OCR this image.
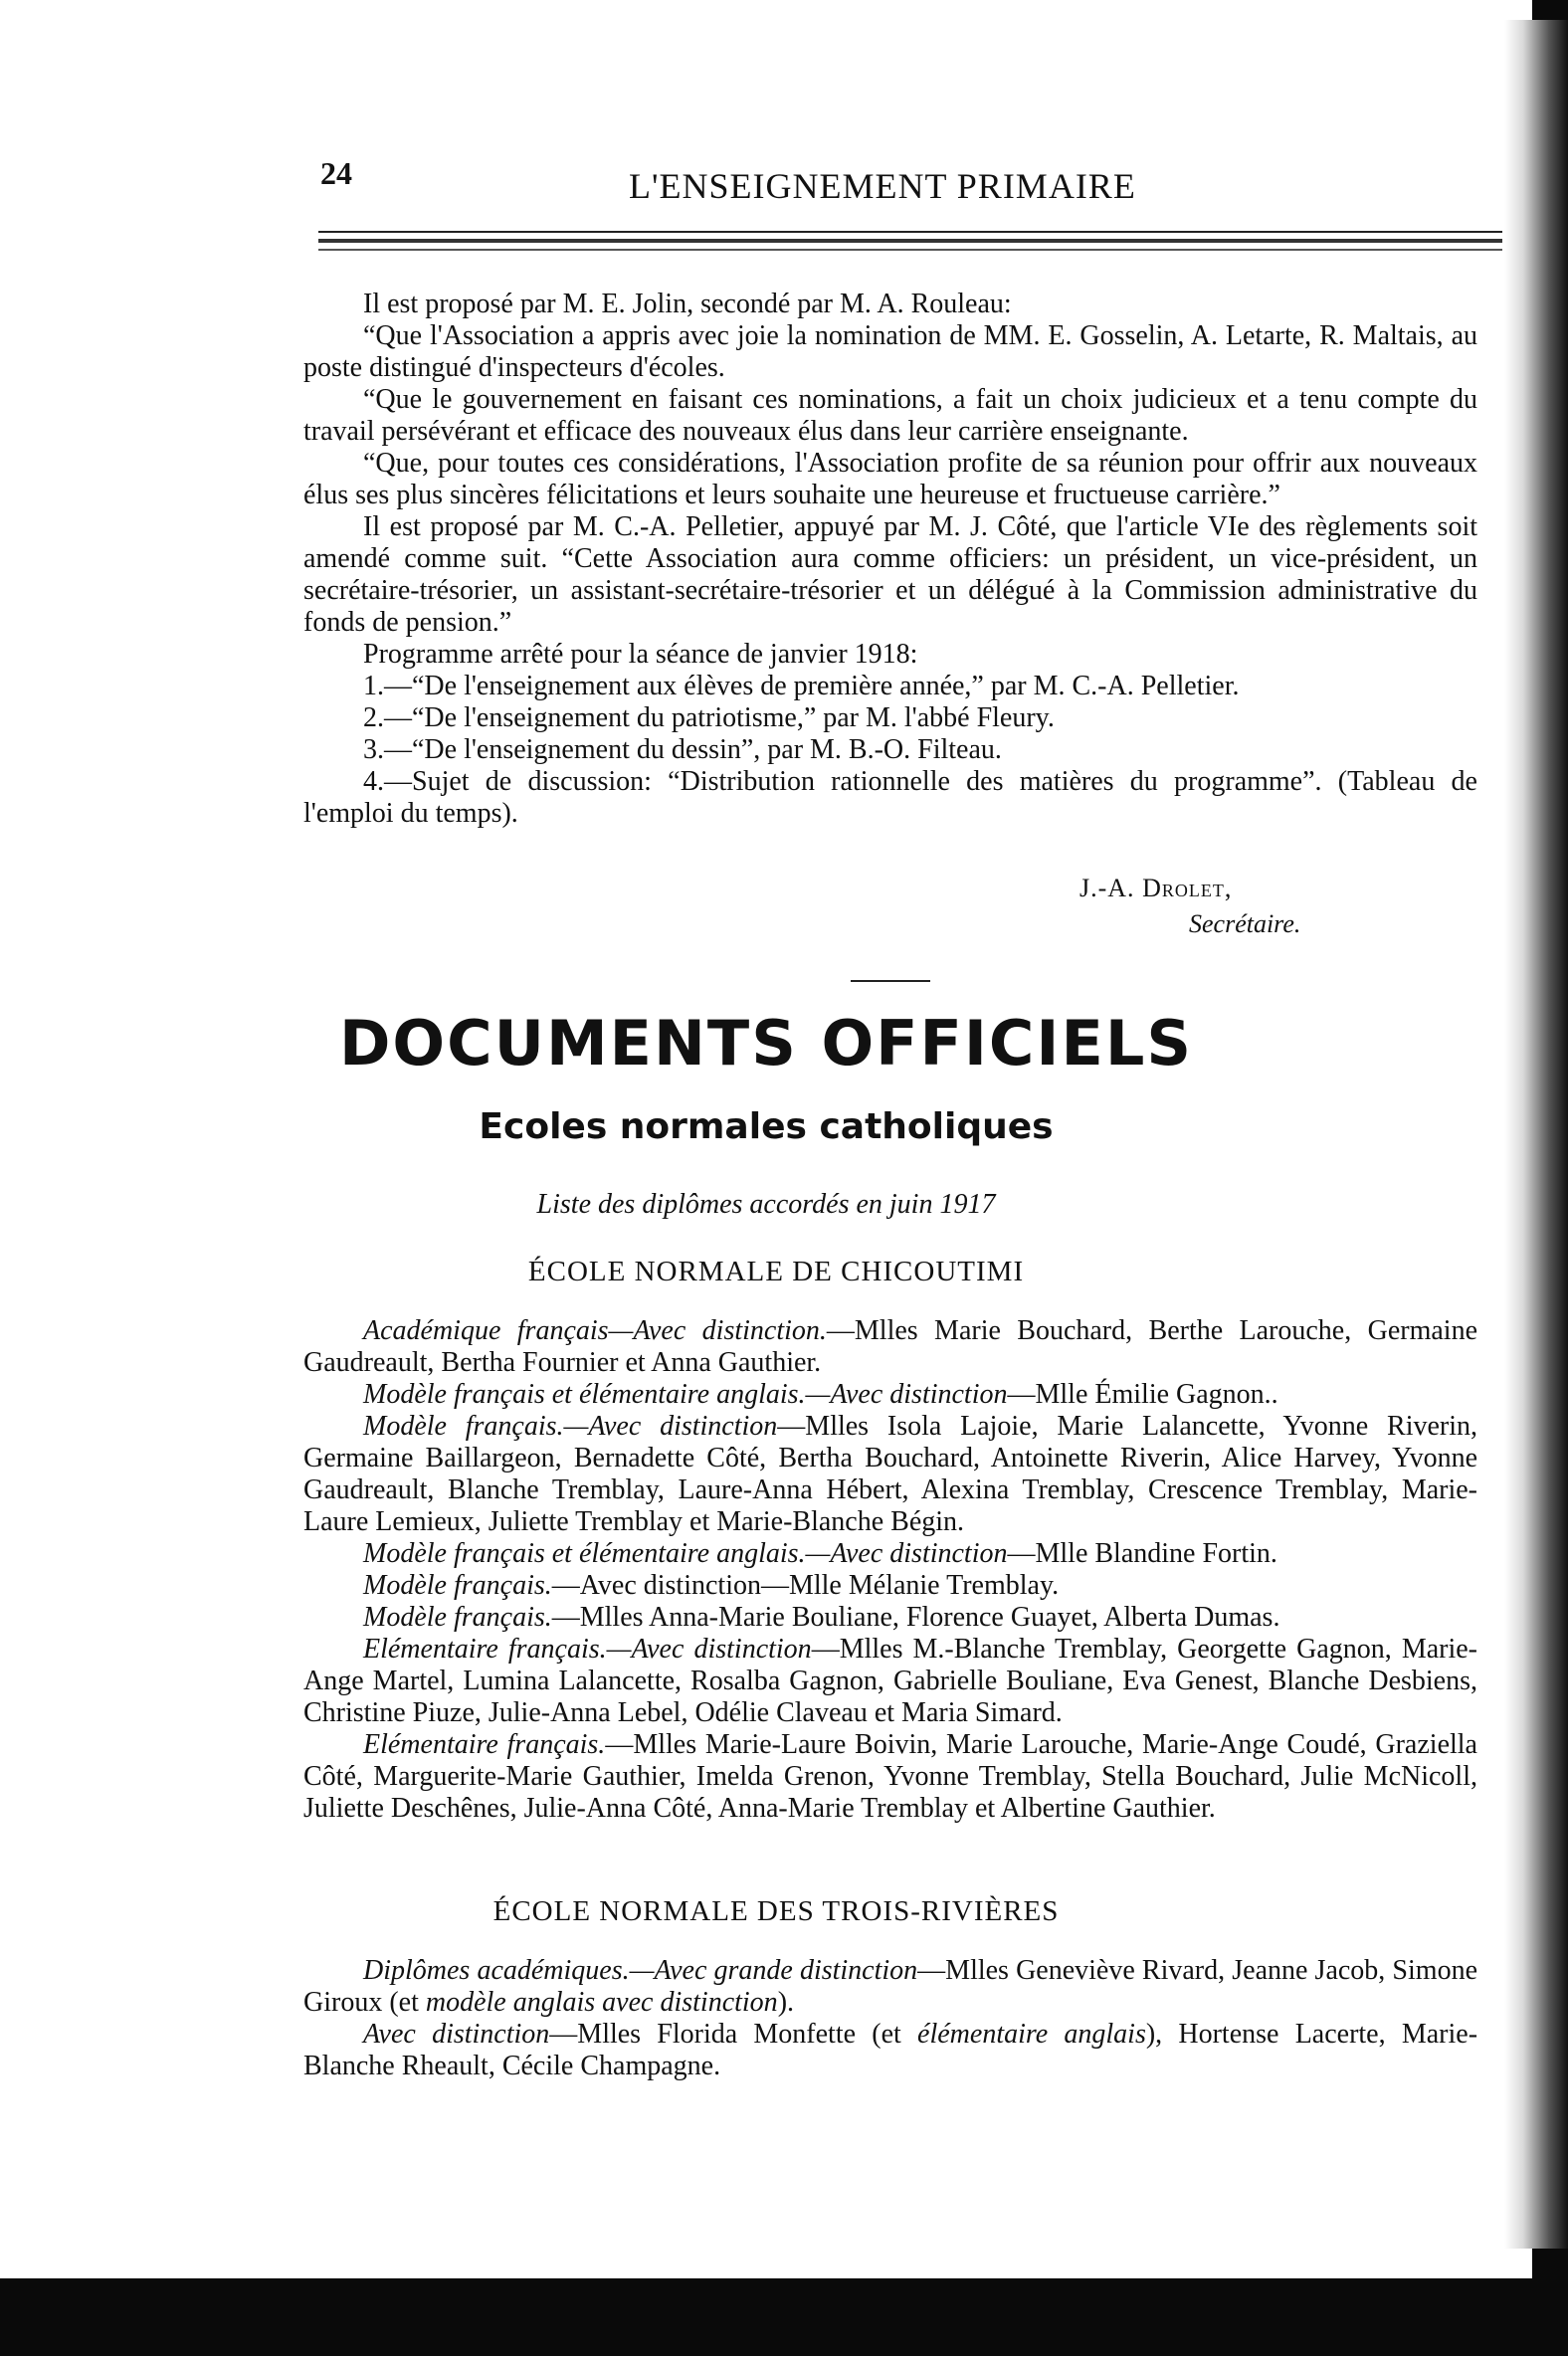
24	L'ENSEIGNEMENT PRIMAIRE

Il est proposé par M. E. Jolin, secondé par M. A. Rouleau:

“Que l'Association a appris avec joie la nomination de MM. E. Gosselin, A. Letarte, R. Maltais, au poste distingué d'inspecteurs d'écoles.

“Que le gouvernement en faisant ces nominations, a fait un choix judicieux et a tenu compte du travail persévérant et efficace des nouveaux élus dans leur carrière enseignante.

“Que, pour toutes ces considérations, l'Association profite de sa réunion pour offrir aux nouveaux élus ses plus sincères félicitations et leurs souhaite une heureuse et fructueuse carrière.”

Il est proposé par M. C.-A. Pelletier, appuyé par M. J. Côté, que l'article VIe des règlements soit amendé comme suit. “Cette Association aura comme officiers: un président, un vice-président, un secrétaire-trésorier, un assistant-secrétaire-trésorier et un délégué à la Commission administrative du fonds de pension.”

Programme arrêté pour la séance de janvier 1918:

1.—“De l'enseignement aux élèves de première année,” par M. C.-A. Pelletier.

2.—“De l'enseignement du patriotisme,” par M. l'abbé Fleury.

3.—“De l'enseignement du dessin”, par M. B.-O. Filteau.

4.—Sujet de discussion: “Distribution rationnelle des matières du programme”. (Tableau de l'emploi du temps).

J.-A. Drolet,
Secrétaire.
DOCUMENTS OFFICIELS
Ecoles normales catholiques
Liste des diplômes accordés en juin 1917
ÉCOLE NORMALE DE CHICOUTIMI

Académique français—Avec distinction.—Mlles Marie Bouchard, Berthe Larouche, Germaine Gaudreault, Bertha Fournier et Anna Gauthier.

Modèle français et élémentaire anglais.—Avec distinction—Mlle Émilie Gagnon..

Modèle français.—Avec distinction—Mlles Isola Lajoie, Marie Lalancette, Yvonne Riverin, Germaine Baillargeon, Bernadette Côté, Bertha Bouchard, Antoinette Riverin, Alice Harvey, Yvonne Gaudreault, Blanche Tremblay, Laure-Anna Hébert, Alexina Tremblay, Crescence Tremblay, Marie-Laure Lemieux, Juliette Tremblay et Marie-Blanche Bégin.

Modèle français et élémentaire anglais.—Avec distinction—Mlle Blandine Fortin.

Modèle français.—Avec distinction—Mlle Mélanie Tremblay.

Modèle français.—Mlles Anna-Marie Bouliane, Florence Guayet, Alberta Dumas.

Elémentaire français.—Avec distinction—Mlles M.-Blanche Tremblay, Georgette Gagnon, Marie-Ange Martel, Lumina Lalancette, Rosalba Gagnon, Gabrielle Bouliane, Eva Genest, Blanche Desbiens, Christine Piuze, Julie-Anna Lebel, Odélie Claveau et Maria Simard.

Elémentaire français.—Mlles Marie-Laure Boivin, Marie Larouche, Marie-Ange Coudé, Graziella Côté, Marguerite-Marie Gauthier, Imelda Grenon, Yvonne Tremblay, Stella Bouchard, Julie McNicoll, Juliette Deschênes, Julie-Anna Côté, Anna-Marie Tremblay et Albertine Gauthier.

ÉCOLE NORMALE DES TROIS-RIVIÈRES

Diplômes académiques.—Avec grande distinction—Mlles Geneviève Rivard, Jeanne Jacob, Simone Giroux (et modèle anglais avec distinction).

Avec distinction—Mlles Florida Monfette (et élémentaire anglais), Hortense Lacerte, Marie-Blanche Rheault, Cécile Champagne.
